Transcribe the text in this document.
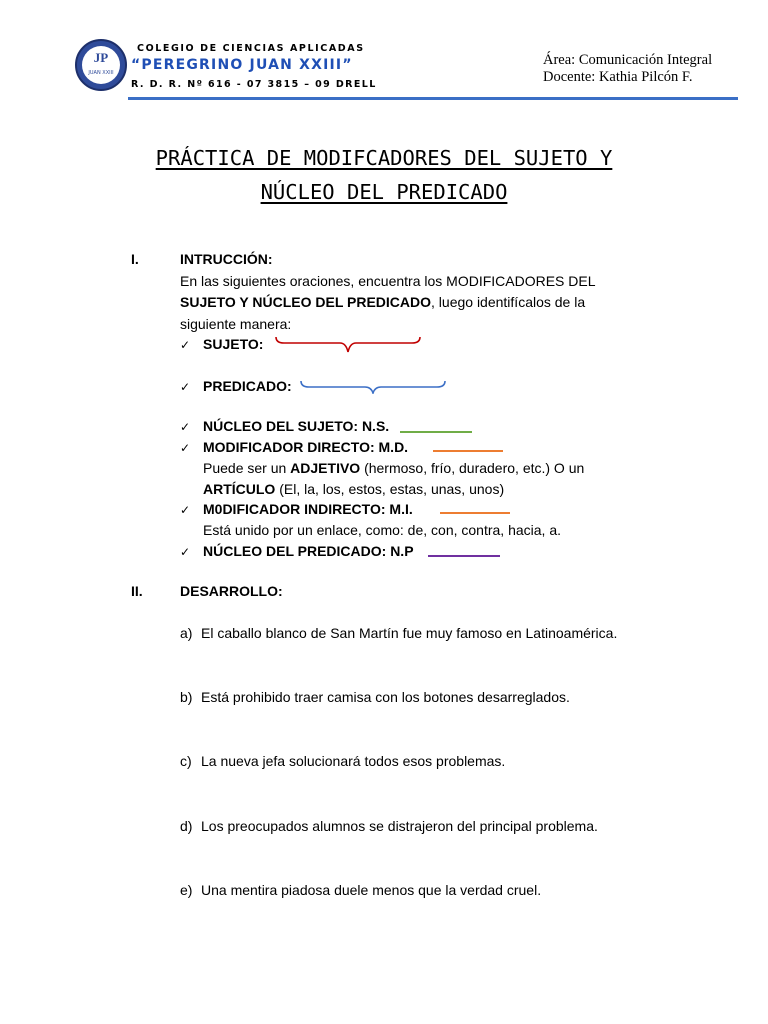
JP
JUAN XXIII
COLEGIO DE CIENCIAS APLICADAS
“PEREGRINO JUAN XXIII”
R. D. R. Nº 616 - 07 3815 – 09 DRELL
Área: Comunicación Integral
Docente: Kathia Pilcón F.
PRÁCTICA DE MODIFCADORES DEL SUJETO Y
NÚCLEO DEL PREDICADO
I.	INTRUCCIÓN:
En las siguientes oraciones, encuentra los MODIFICADORES DEL
SUJETO Y NÚCLEO DEL PREDICADO, luego identifícalos de la
siguiente manera:
✓ SUJETO:
✓ PREDICADO:
✓ NÚCLEO DEL SUJETO: N.S.
✓ MODIFICADOR DIRECTO: M.D.
Puede ser un ADJETIVO (hermoso, frío, duradero, etc.) O un
ARTÍCULO (El, la, los, estos, estas, unas, unos)
✓ M0DIFICADOR INDIRECTO: M.I.
Está unido por un enlace, como: de, con, contra, hacia, a.
✓ NÚCLEO DEL PREDICADO: N.P
II.	DESARROLLO:
a) El caballo blanco de San Martín fue muy famoso en Latinoamérica.
b) Está prohibido traer camisa con los botones desarreglados.
c) La nueva jefa solucionará todos esos problemas.
d) Los preocupados alumnos se distrajeron del principal problema.
e) Una mentira piadosa duele menos que la verdad cruel.
